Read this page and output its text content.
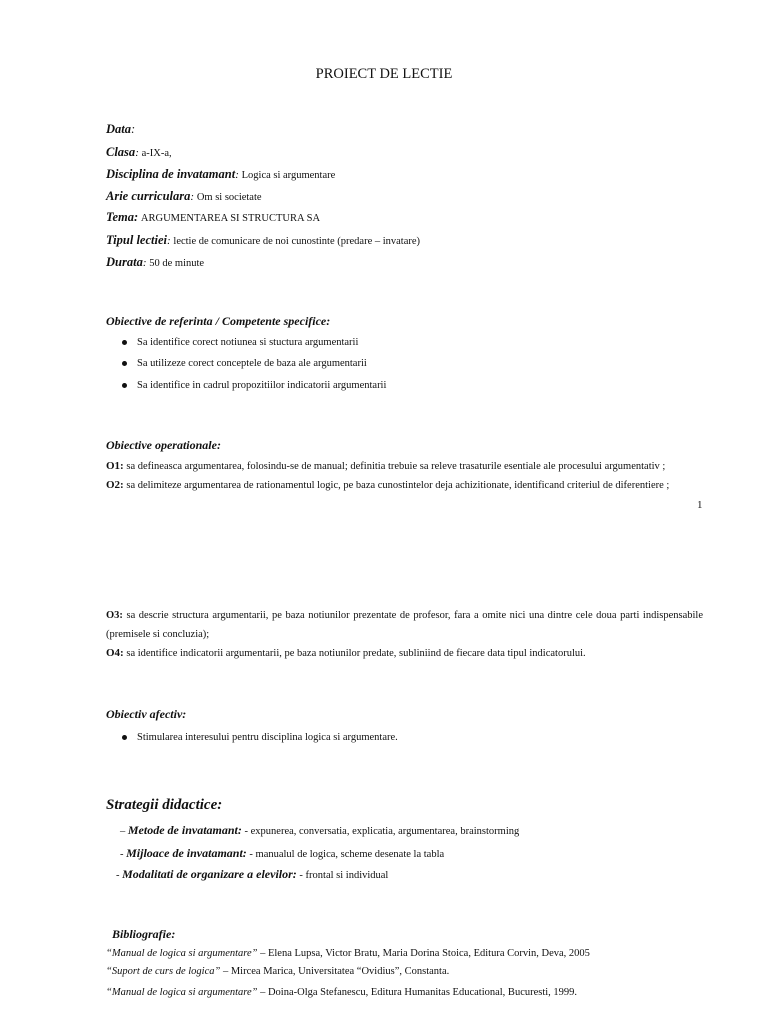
PROIECT DE LECTIE
Data:
Clasa: a-IX-a,
Disciplina de invatamant: Logica si argumentare
Arie curriculara: Om si societate
Tema: ARGUMENTAREA SI STRUCTURA SA
Tipul lectiei: lectie de comunicare de noi cunostinte (predare – invatare)
Durata: 50 de minute
Obiective de referinta / Competente specifice:
Sa identifice corect notiunea si stuctura argumentarii
Sa utilizeze corect conceptele de baza ale argumentarii
Sa identifice in cadrul propozitiilor indicatorii argumentarii
Obiective operationale:
O1: sa defineasca argumentarea, folosindu-se de manual; definitia trebuie sa releve trasaturile esentiale ale procesului argumentativ ;
O2: sa delimiteze argumentarea de rationamentul logic, pe baza cunostintelor deja achizitionate, identificand criteriul de diferentiere ;
1
O3: sa descrie structura argumentarii, pe baza notiunilor prezentate de profesor, fara a omite nici una dintre cele doua parti indispensabile (premisele si concluzia);
O4: sa identifice indicatorii argumentarii, pe baza notiunilor predate, subliniind de fiecare data tipul indicatorului.
Obiectiv afectiv:
Stimularea interesului pentru disciplina logica si argumentare.
Strategii didactice:
– Metode de invatamant: - expunerea, conversatia, explicatia, argumentarea, brainstorming
- Mijloace de invatamant: - manualul de logica, scheme desenate la tabla
- Modalitati de organizare a elevilor: - frontal si individual
Bibliografie:
“Manual de logica si argumentare” – Elena Lupsa, Victor Bratu, Maria Dorina Stoica, Editura Corvin, Deva, 2005
“Suport de curs de logica” – Mircea Marica, Universitatea “Ovidius”, Constanta.
“Manual de logica si argumentare” – Doina-Olga Stefanescu, Editura Humanitas Educational, Bucuresti, 1999.
